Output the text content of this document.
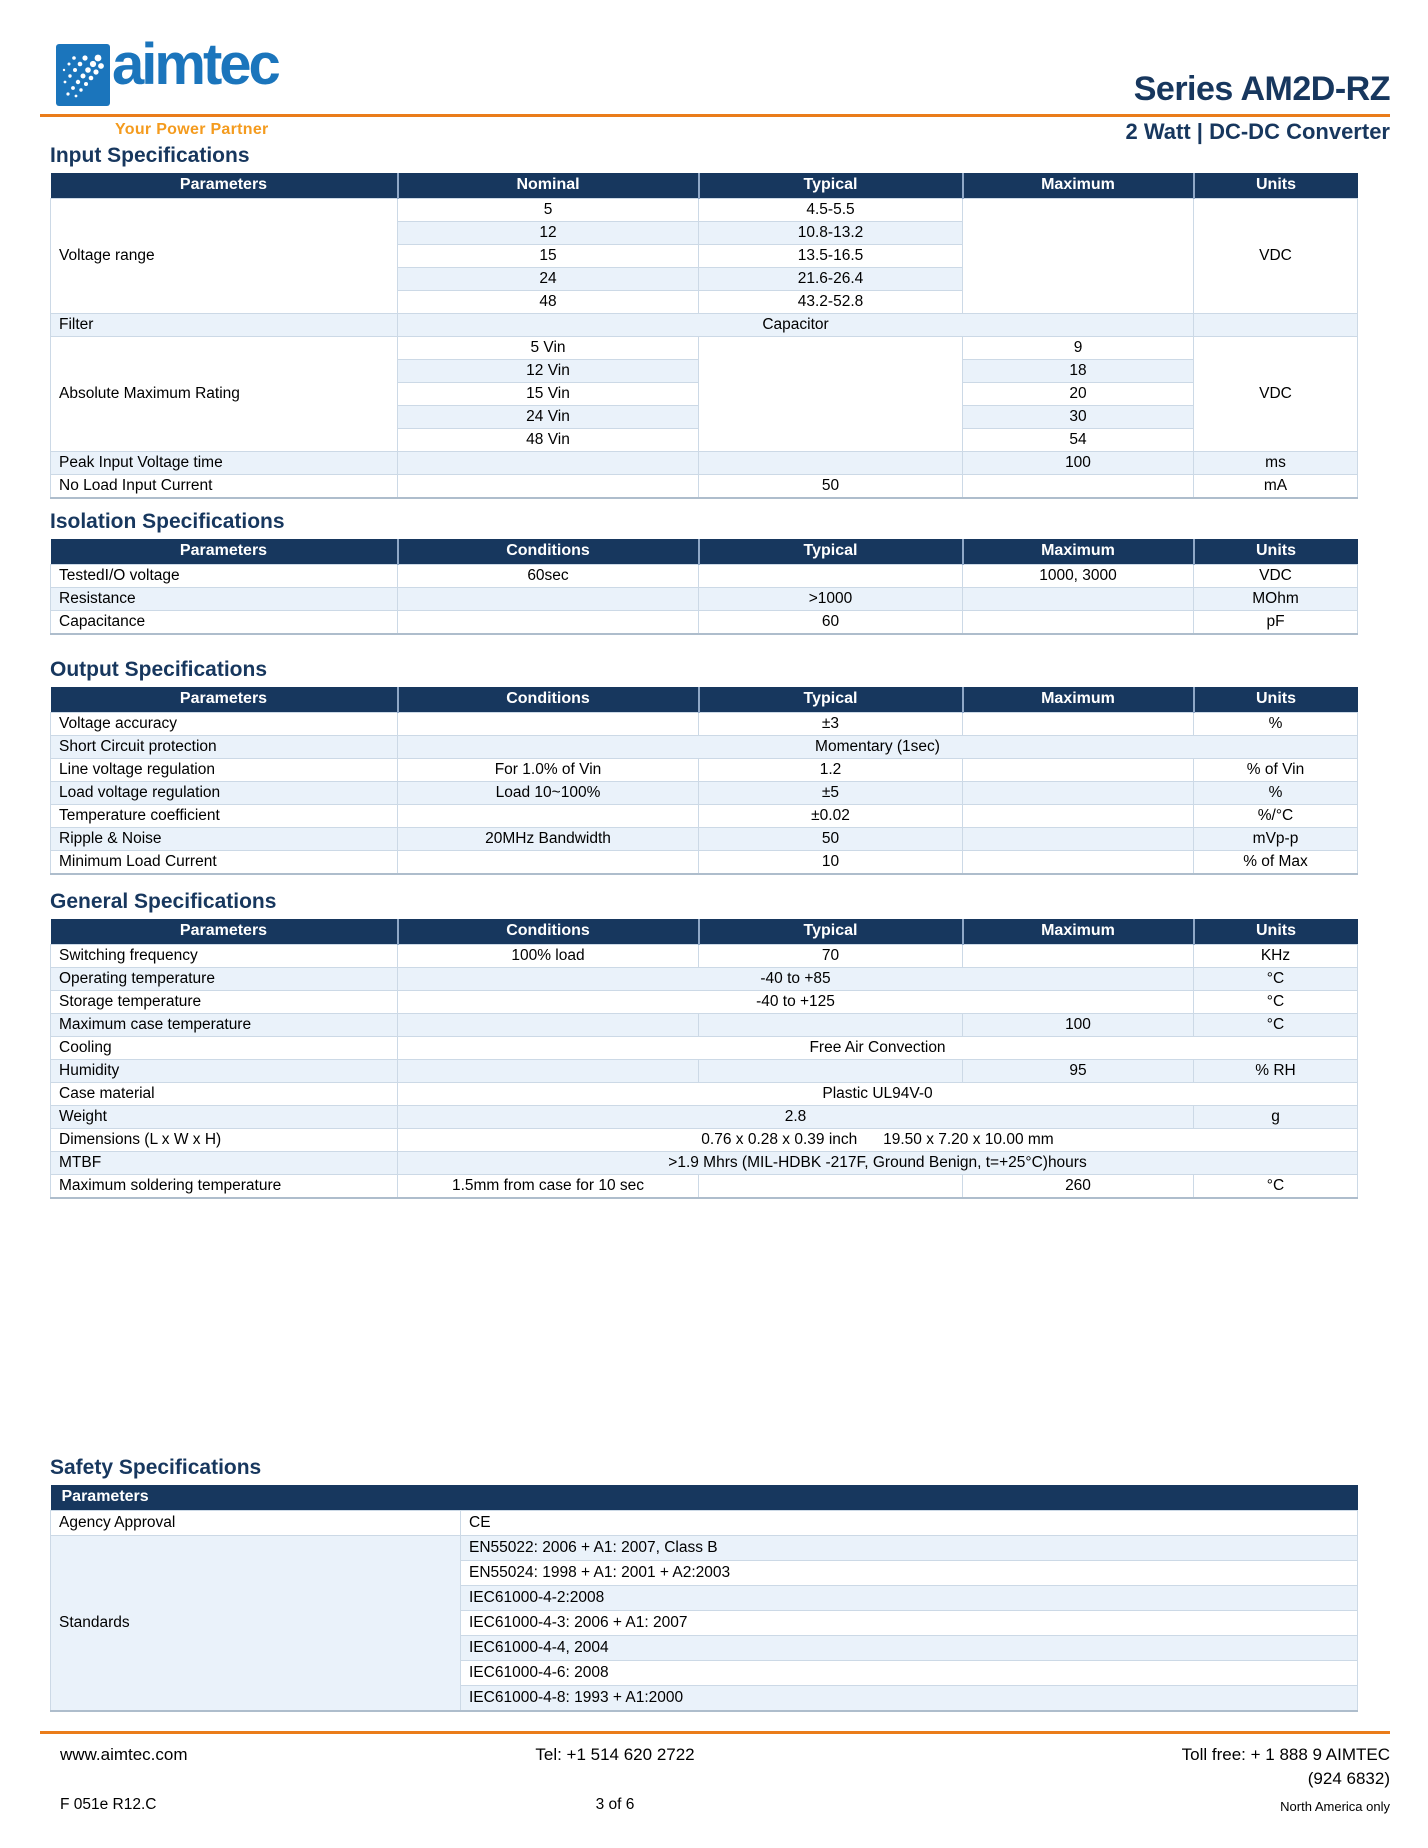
aimtec
Your Power Partner
Series AM2D-RZ
2 Watt | DC-DC Converter
Input Specifications
Parameters	Nominal	Typical	Maximum	Units
Voltage range	5	4.5-5.5		VDC
	12	10.8-13.2		
	15	13.5-16.5		
	24	21.6-26.4		
	48	43.2-52.8		
Filter	Capacitor			
Absolute Maximum Rating	5 Vin		9	VDC
	12 Vin		18	
	15 Vin		20	
	24 Vin		30	
	48 Vin		54	
Peak Input Voltage time			100	ms
No Load Input Current		50		mA
Isolation Specifications
Parameters	Conditions	Typical	Maximum	Units
TestedI/O voltage	60sec		1000, 3000	VDC
Resistance		>1000		MOhm
Capacitance		60		pF
Output Specifications
Parameters	Conditions	Typical	Maximum	Units
Voltage accuracy		±3		%
Short Circuit protection	Momentary (1sec)			
Line voltage regulation	For 1.0% of Vin	1.2		% of Vin
Load voltage regulation	Load 10~100%	±5		%
Temperature coefficient		±0.02		%/°C
Ripple & Noise	20MHz Bandwidth	50		mVp-p
Minimum Load Current		10		% of Max
General Specifications
Parameters	Conditions	Typical	Maximum	Units
Switching frequency	100% load	70		KHz
Operating temperature	-40 to +85			°C
Storage temperature	-40 to +125			°C
Maximum case temperature			100	°C
Cooling	Free Air Convection			
Humidity			95	% RH
Case material	Plastic UL94V-0			
Weight	2.8			g
Dimensions (L x W x H)	0.76 x 0.28 x 0.39 inch      19.50 x 7.20 x 10.00 mm			
MTBF	>1.9 Mhrs (MIL-HDBK -217F, Ground Benign, t=+25°C)hours			
Maximum soldering temperature	1.5mm from case for 10 sec		260	°C
Safety Specifications
Parameters	
Agency Approval	CE
Standards	EN55022: 2006 + A1: 2007, Class B
	EN55024: 1998 + A1: 2001 + A2:2003
	IEC61000-4-2:2008
	IEC61000-4-3: 2006 + A1: 2007
	IEC61000-4-4, 2004
	IEC61000-4-6: 2008
	IEC61000-4-8: 1993 + A1:2000
www.aimtec.com	Tel: +1 514 620 2722	Toll free: + 1 888 9 AIMTEC
(924 6832)
F 051e R12.C	3 of 6	North America only
